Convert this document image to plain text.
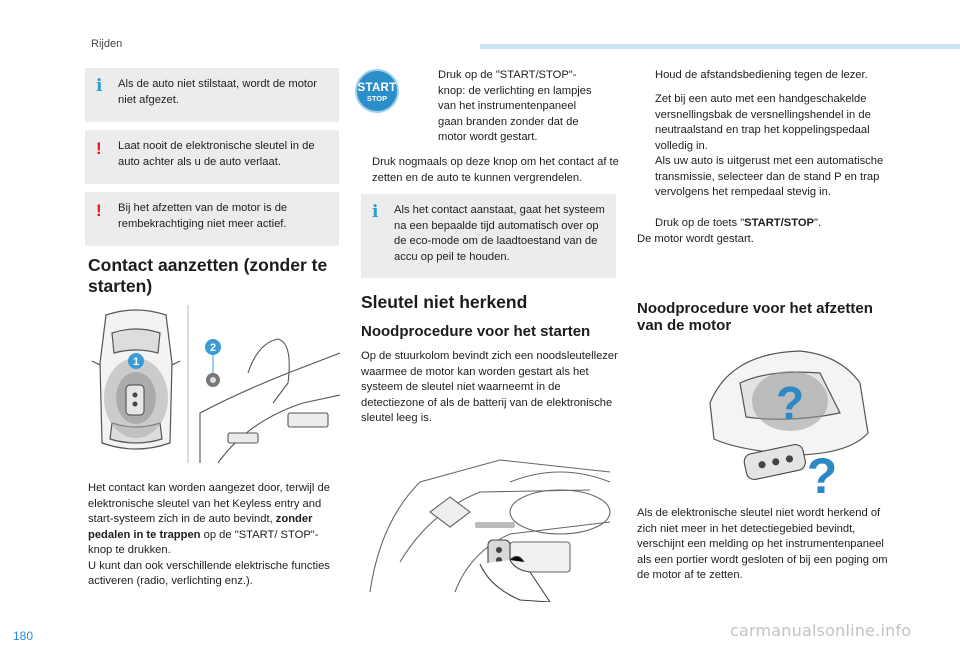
Rijden
180	carmanualsonline.info
i Als de auto niet stilstaat, wordt de motor niet afgezet.
! Laat nooit de elektronische sleutel in de auto achter als u de auto verlaat.
! Bij het afzetten van de motor is de rembekrachtiging niet meer actief.
Contact aanzetten (zonder te starten)
1
2
Het contact kan worden aangezet door, terwijl de elektronische sleutel van het Keyless entry and start-systeem zich in de auto bevindt, zonder pedalen in te trappen op de "START/ STOP"-knop te drukken.
U kunt dan ook verschillende elektrische functies activeren (radio, verlichting enz.).
START
STOP
Druk op de "START/STOP"-knop: de verlichting en lampjes van het instrumentenpaneel gaan branden zonder dat de motor wordt gestart.
Druk nogmaals op deze knop om het contact af te zetten en de auto te kunnen vergrendelen.
i Als het contact aanstaat, gaat het systeem na een bepaalde tijd automatisch over op de eco-mode om de laadtoestand van de accu op peil te houden.
Sleutel niet herkend
Noodprocedure voor het starten
Op de stuurkolom bevindt zich een noodsleutellezer waarmee de motor kan worden gestart als het systeem de sleutel niet waarneemt in de detectiezone of als de batterij van de elektronische sleutel leeg is.
Houd de afstandsbediening tegen de lezer.
Zet bij een auto met een handgeschakelde versnellingsbak de versnellingshendel in de neutraalstand en trap het koppelingspedaal volledig in.
Als uw auto is uitgerust met een automatische transmissie, selecteer dan de stand P en trap vervolgens het rempedaal stevig in.
Druk op de toets "START/STOP".
De motor wordt gestart.
Noodprocedure voor het afzetten van de motor
?
?
Als de elektronische sleutel niet wordt herkend of zich niet meer in het detectiegebied bevindt, verschijnt een melding op het instrumentenpaneel als een portier wordt gesloten of bij een poging om de motor af te zetten.
